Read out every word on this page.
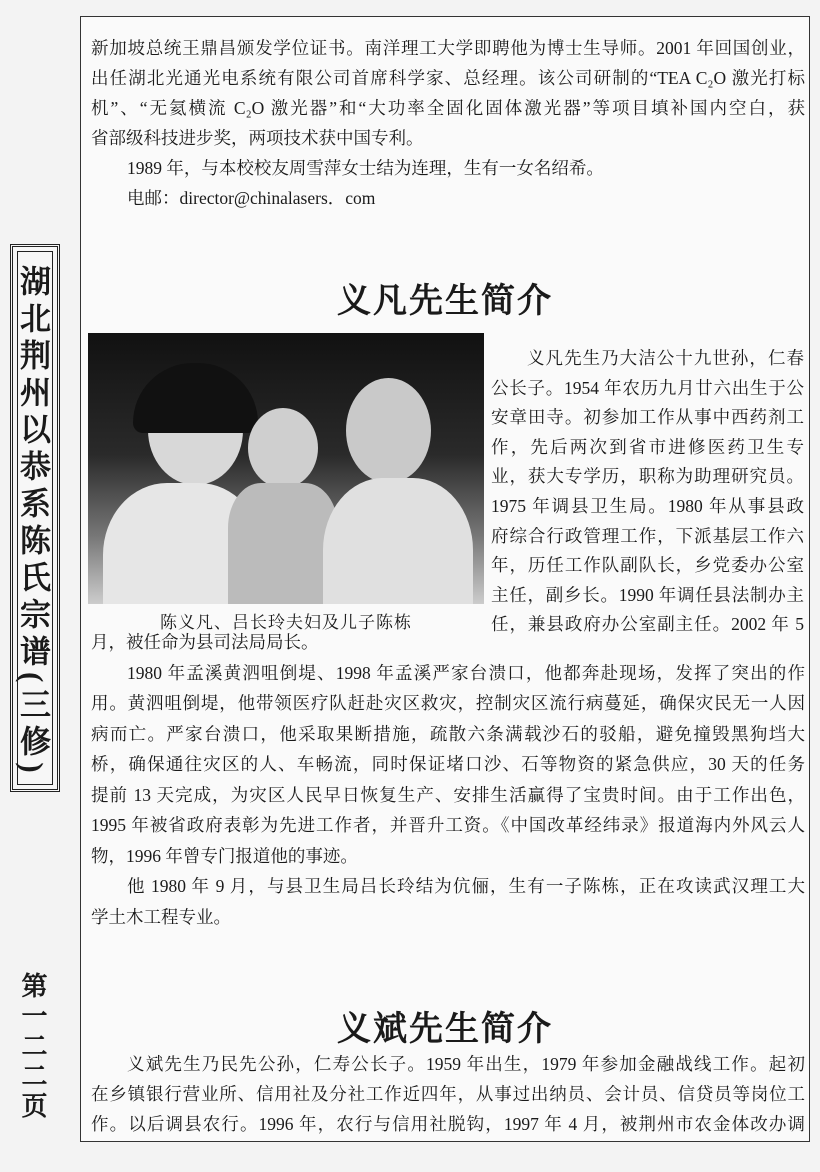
湖北荆州以恭系陈氏宗谱(三修)
第一二二页
新加坡总统王鼎昌颁发学位证书。南洋理工大学即聘他为博士生导师。2001 年回国创业，
出任湖北光通光电系统有限公司首席科学家、总经理。该公司研制的“TEA C₂O 激光打标
机”、“无氦横流 C₂O 激光器”和“大功率全固化固体激光器”等项目填补国内空白，获
省部级科技进步奖，两项技术获中国专利。
1989 年，与本校校友周雪萍女士结为连理，生有一女名绍希。
电邮：director@chinalasers．com
义凡先生简介
义凡先生乃大洁公十九世孙，仁春
公长子。1954 年农历九月廿六出生于公
安章田寺。初参加工作从事中西药剂工
作，先后两次到省市进修医药卫生专
业，获大专学历，职称为助理研究员。
1975 年调县卫生局。1980 年从事县政
府综合行政管理工作，下派基层工作六
年，历任工作队副队长，乡党委办公室
主任，副乡长。1990 年调任县法制办主
任，兼县政府办公室副主任。2002 年 5
月，被任命为县司法局局长。
1980 年孟溪黄泗咀倒堤、1998 年孟溪严家台溃口，他都奔赴现场，发挥了突出的作
用。黄泗咀倒堤，他带领医疗队赶赴灾区救灾，控制灾区流行病蔓延，确保灾民无一人因
病而亡。严家台溃口，他采取果断措施，疏散六条满载沙石的驳船，避免撞毁黑狗垱大
桥，确保通往灾区的人、车畅流，同时保证堵口沙、石等物资的紧急供应，30 天的任务
提前 13 天完成，为灾区人民早日恢复生产、安排生活赢得了宝贵时间。由于工作出色，
1995 年被省政府表彰为先进工作者，并晋升工资。《中国改革经纬录》报道海内外风云人
物，1996 年曾专门报道他的事迹。
他 1980 年 9 月，与县卫生局吕长玲结为伉俪，生有一子陈栋，正在攻读武汉理工大
学土木工程专业。
义斌先生简介
义斌先生乃民先公孙，仁寿公长子。1959 年出生，1979 年参加金融战线工作。起初
在乡镇银行营业所、信用社及分社工作近四年，从事过出纳员、会计员、信贷员等岗位工
作。以后调县农行。1996 年，农行与信用社脱钩，1997 年 4 月，被荆州市农金体改办调
陈义凡、吕长玲夫妇及儿子陈栋
